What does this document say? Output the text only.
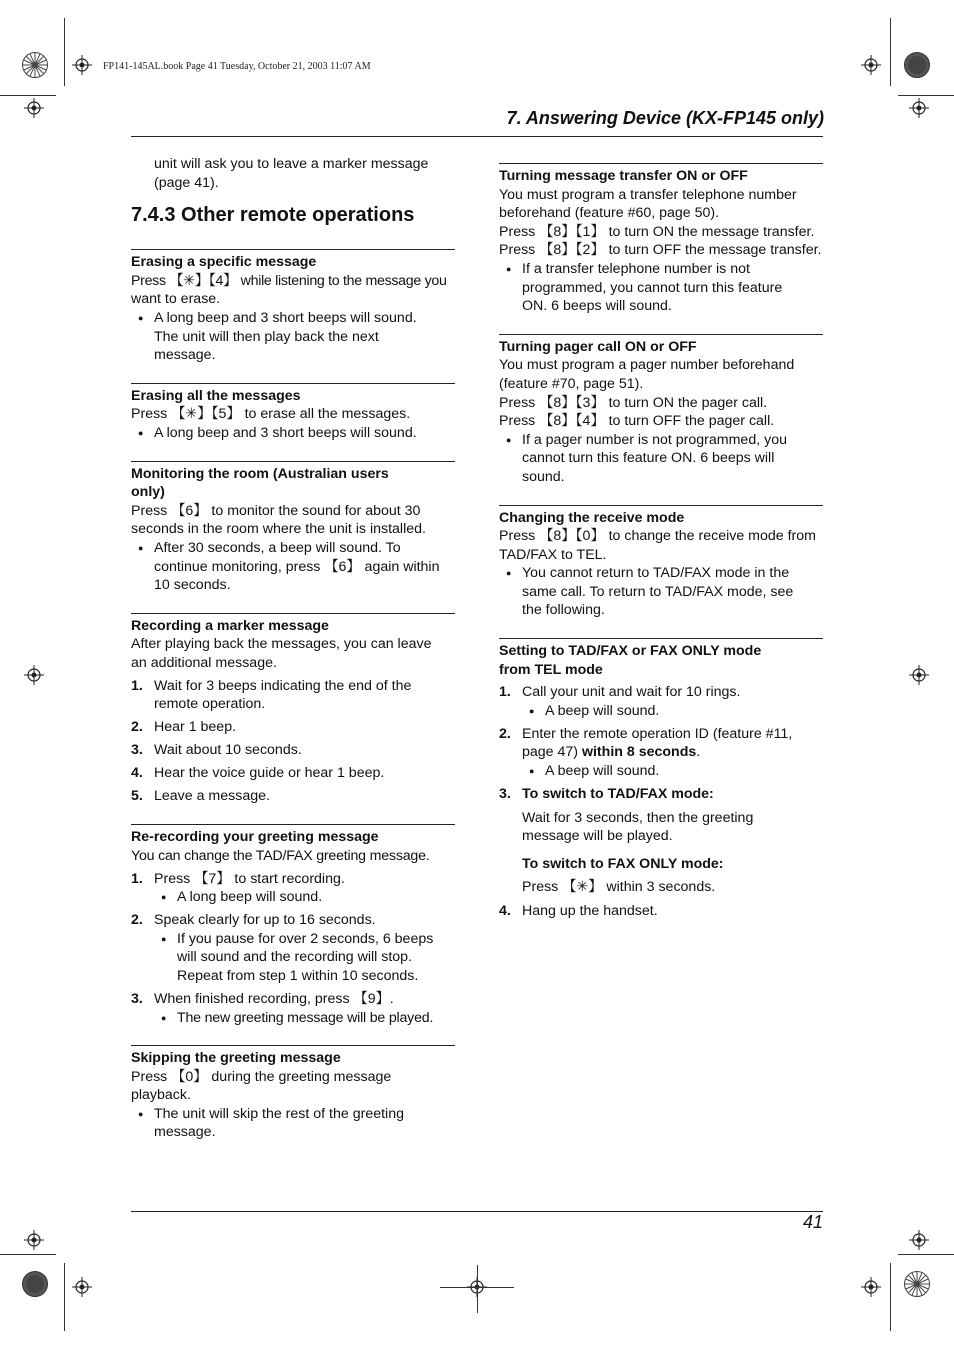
FP141-145AL.book Page 41 Tuesday, October 21, 2003 11:07 AM
7. Answering Device (KX-FP145 only)
unit will ask you to leave a marker message
(page 41).
7.4.3 Other remote operations
Erasing a specific message
Press 【✳】【4】 while listening to the message you
want to erase.
● A long beep and 3 short beeps will sound.
The unit will then play back the next
message.
Erasing all the messages
Press 【✳】【5】 to erase all the messages.
● A long beep and 3 short beeps will sound.
Monitoring the room (Australian users
only)
Press 【6】 to monitor the sound for about 30
seconds in the room where the unit is installed.
● After 30 seconds, a beep will sound. To
continue monitoring, press 【6】 again within
10 seconds.
Recording a marker message
After playing back the messages, you can leave
an additional message.
1. Wait for 3 beeps indicating the end of the
remote operation.
2. Hear 1 beep.
3. Wait about 10 seconds.
4. Hear the voice guide or hear 1 beep.
5. Leave a message.
Re-recording your greeting message
You can change the TAD/FAX greeting message.
1. Press 【7】 to start recording.
● A long beep will sound.
2. Speak clearly for up to 16 seconds.
● If you pause for over 2 seconds, 6 beeps
will sound and the recording will stop.
Repeat from step 1 within 10 seconds.
3. When finished recording, press 【9】.
● The new greeting message will be played.
Skipping the greeting message
Press 【0】 during the greeting message
playback.
● The unit will skip the rest of the greeting
message.
Turning message transfer ON or OFF
You must program a transfer telephone number
beforehand (feature #60, page 50).
Press 【8】【1】 to turn ON the message transfer.
Press 【8】【2】 to turn OFF the message transfer.
● If a transfer telephone number is not
programmed, you cannot turn this feature
ON. 6 beeps will sound.
Turning pager call ON or OFF
You must program a pager number beforehand
(feature #70, page 51).
Press 【8】【3】 to turn ON the pager call.
Press 【8】【4】 to turn OFF the pager call.
● If a pager number is not programmed, you
cannot turn this feature ON. 6 beeps will
sound.
Changing the receive mode
Press 【8】【0】 to change the receive mode from
TAD/FAX to TEL.
● You cannot return to TAD/FAX mode in the
same call. To return to TAD/FAX mode, see
the following.
Setting to TAD/FAX or FAX ONLY mode
from TEL mode
1. Call your unit and wait for 10 rings.
● A beep will sound.
2. Enter the remote operation ID (feature #11,
page 47) within 8 seconds.
● A beep will sound.
3. To switch to TAD/FAX mode:
Wait for 3 seconds, then the greeting
message will be played.
To switch to FAX ONLY mode:
Press 【✳】 within 3 seconds.
4. Hang up the handset.
41
